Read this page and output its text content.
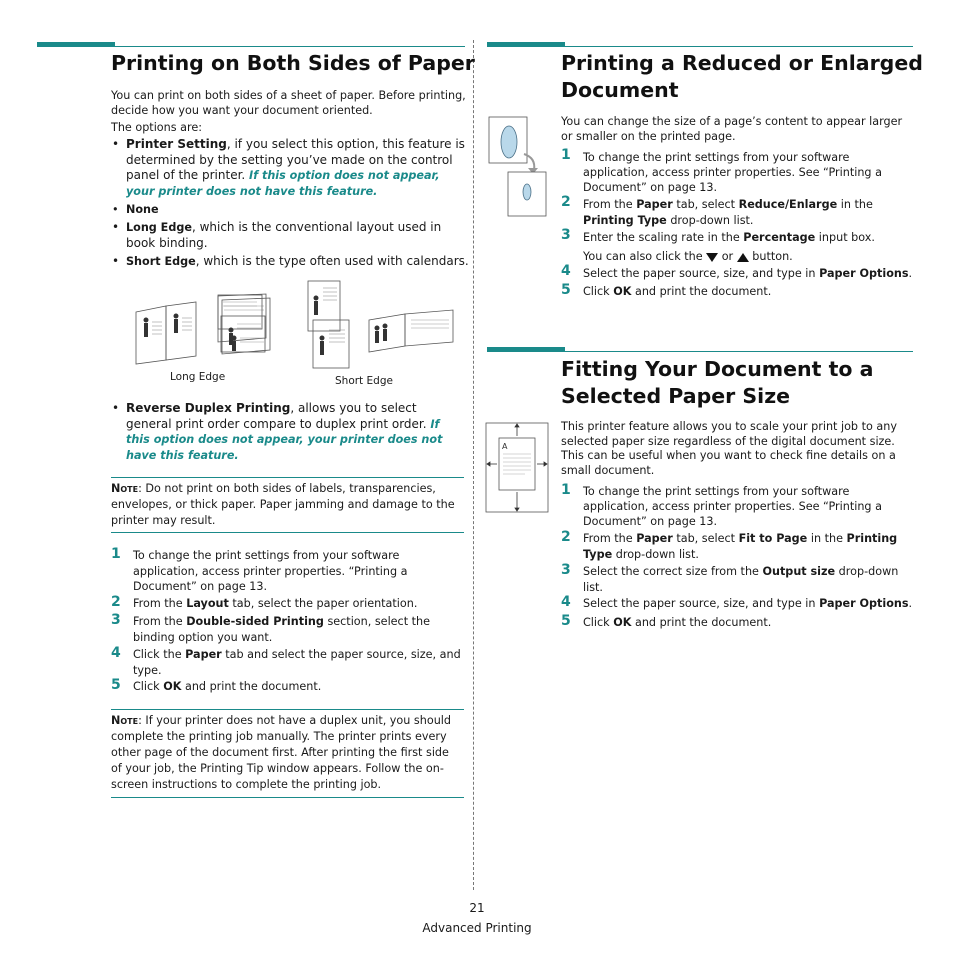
Printing on Both Sides of Paper
You can print on both sides of a sheet of paper. Before printing, decide how you want your document oriented.
The options are:
• Printer Setting, if you select this option, this feature is determined by the setting you’ve made on the control panel of the printer. If this option does not appear, your printer does not have this feature.
• None
• Long Edge, which is the conventional layout used in book binding.
• Short Edge, which is the type often used with calendars.
Long Edge	Short Edge
• Reverse Duplex Printing, allows you to select general print order compare to duplex print order. If this option does not appear, your printer does not have this feature.
Note: Do not print on both sides of labels, transparencies, envelopes, or thick paper. Paper jamming and damage to the printer may result.
1 To change the print settings from your software application, access printer properties. “Printing a Document” on page 13.
2 From the Layout tab, select the paper orientation.
3 From the Double-sided Printing section, select the binding option you want.
4 Click the Paper tab and select the paper source, size, and type.
5 Click OK and print the document.
Note: If your printer does not have a duplex unit, you should complete the printing job manually. The printer prints every other page of the document first. After printing the first side of your job, the Printing Tip window appears. Follow the on-screen instructions to complete the printing job.
Printing a Reduced or Enlarged
Document
You can change the size of a page’s content to appear larger or smaller on the printed page.
1 To change the print settings from your software application, access printer properties. See “Printing a Document” on page 13.
2 From the Paper tab, select Reduce/Enlarge in the Printing Type drop-down list.
3 Enter the scaling rate in the Percentage input box.
You can also click the  or  button.
4 Select the paper source, size, and type in Paper Options.
5 Click OK and print the document.
Fitting Your Document to a
Selected Paper Size
A
This printer feature allows you to scale your print job to any selected paper size regardless of the digital document size. This can be useful when you want to check fine details on a small document.
1 To change the print settings from your software application, access printer properties. See “Printing a Document” on page 13.
2 From the Paper tab, select Fit to Page in the Printing Type drop-down list.
3 Select the correct size from the Output size drop-down list.
4 Select the paper source, size, and type in Paper Options.
5 Click OK and print the document.
21
Advanced Printing
